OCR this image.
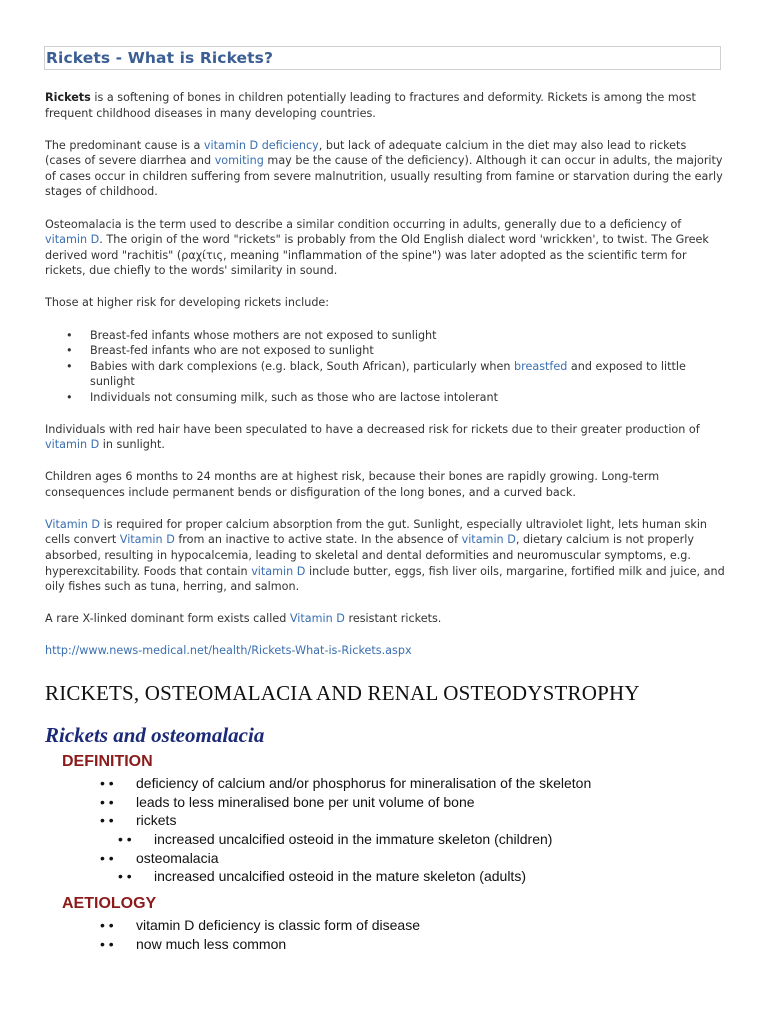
Rickets - What is Rickets?

Rickets is a softening of bones in children potentially leading to fractures and deformity. Rickets is among the most frequent childhood diseases in many developing countries.

The predominant cause is a vitamin D deficiency, but lack of adequate calcium in the diet may also lead to rickets (cases of severe diarrhea and vomiting may be the cause of the deficiency). Although it can occur in adults, the majority of cases occur in children suffering from severe malnutrition, usually resulting from famine or starvation during the early stages of childhood.

Osteomalacia is the term used to describe a similar condition occurring in adults, generally due to a deficiency of vitamin D. The origin of the word "rickets" is probably from the Old English dialect word 'wrickken', to twist. The Greek derived word "rachitis" (ραχίτις, meaning "inflammation of the spine") was later adopted as the scientific term for rickets, due chiefly to the words' similarity in sound.

Those at higher risk for developing rickets include:

• Breast-fed infants whose mothers are not exposed to sunlight
• Breast-fed infants who are not exposed to sunlight
• Babies with dark complexions (e.g. black, South African), particularly when breastfed and exposed to little sunlight
• Individuals not consuming milk, such as those who are lactose intolerant

Individuals with red hair have been speculated to have a decreased risk for rickets due to their greater production of vitamin D in sunlight.

Children ages 6 months to 24 months are at highest risk, because their bones are rapidly growing. Long-term consequences include permanent bends or disfiguration of the long bones, and a curved back.

Vitamin D is required for proper calcium absorption from the gut. Sunlight, especially ultraviolet light, lets human skin cells convert Vitamin D from an inactive to active state. In the absence of vitamin D, dietary calcium is not properly absorbed, resulting in hypocalcemia, leading to skeletal and dental deformities and neuromuscular symptoms, e.g. hyperexcitability. Foods that contain vitamin D include butter, eggs, fish liver oils, margarine, fortified milk and juice, and oily fishes such as tuna, herring, and salmon.

A rare X-linked dominant form exists called Vitamin D resistant rickets.

http://www.news-medical.net/health/Rickets-What-is-Rickets.aspx

RICKETS, OSTEOMALACIA AND RENAL OSTEODYSTROPHY
Rickets and osteomalacia
DEFINITION
• • deficiency of calcium and/or phosphorus for mineralisation of the skeleton
• • leads to less mineralised bone per unit volume of bone
• • rickets
• • increased uncalcified osteoid in the immature skeleton (children)
• • osteomalacia
• • increased uncalcified osteoid in the mature skeleton (adults)
AETIOLOGY
• • vitamin D deficiency is classic form of disease
• • now much less common
